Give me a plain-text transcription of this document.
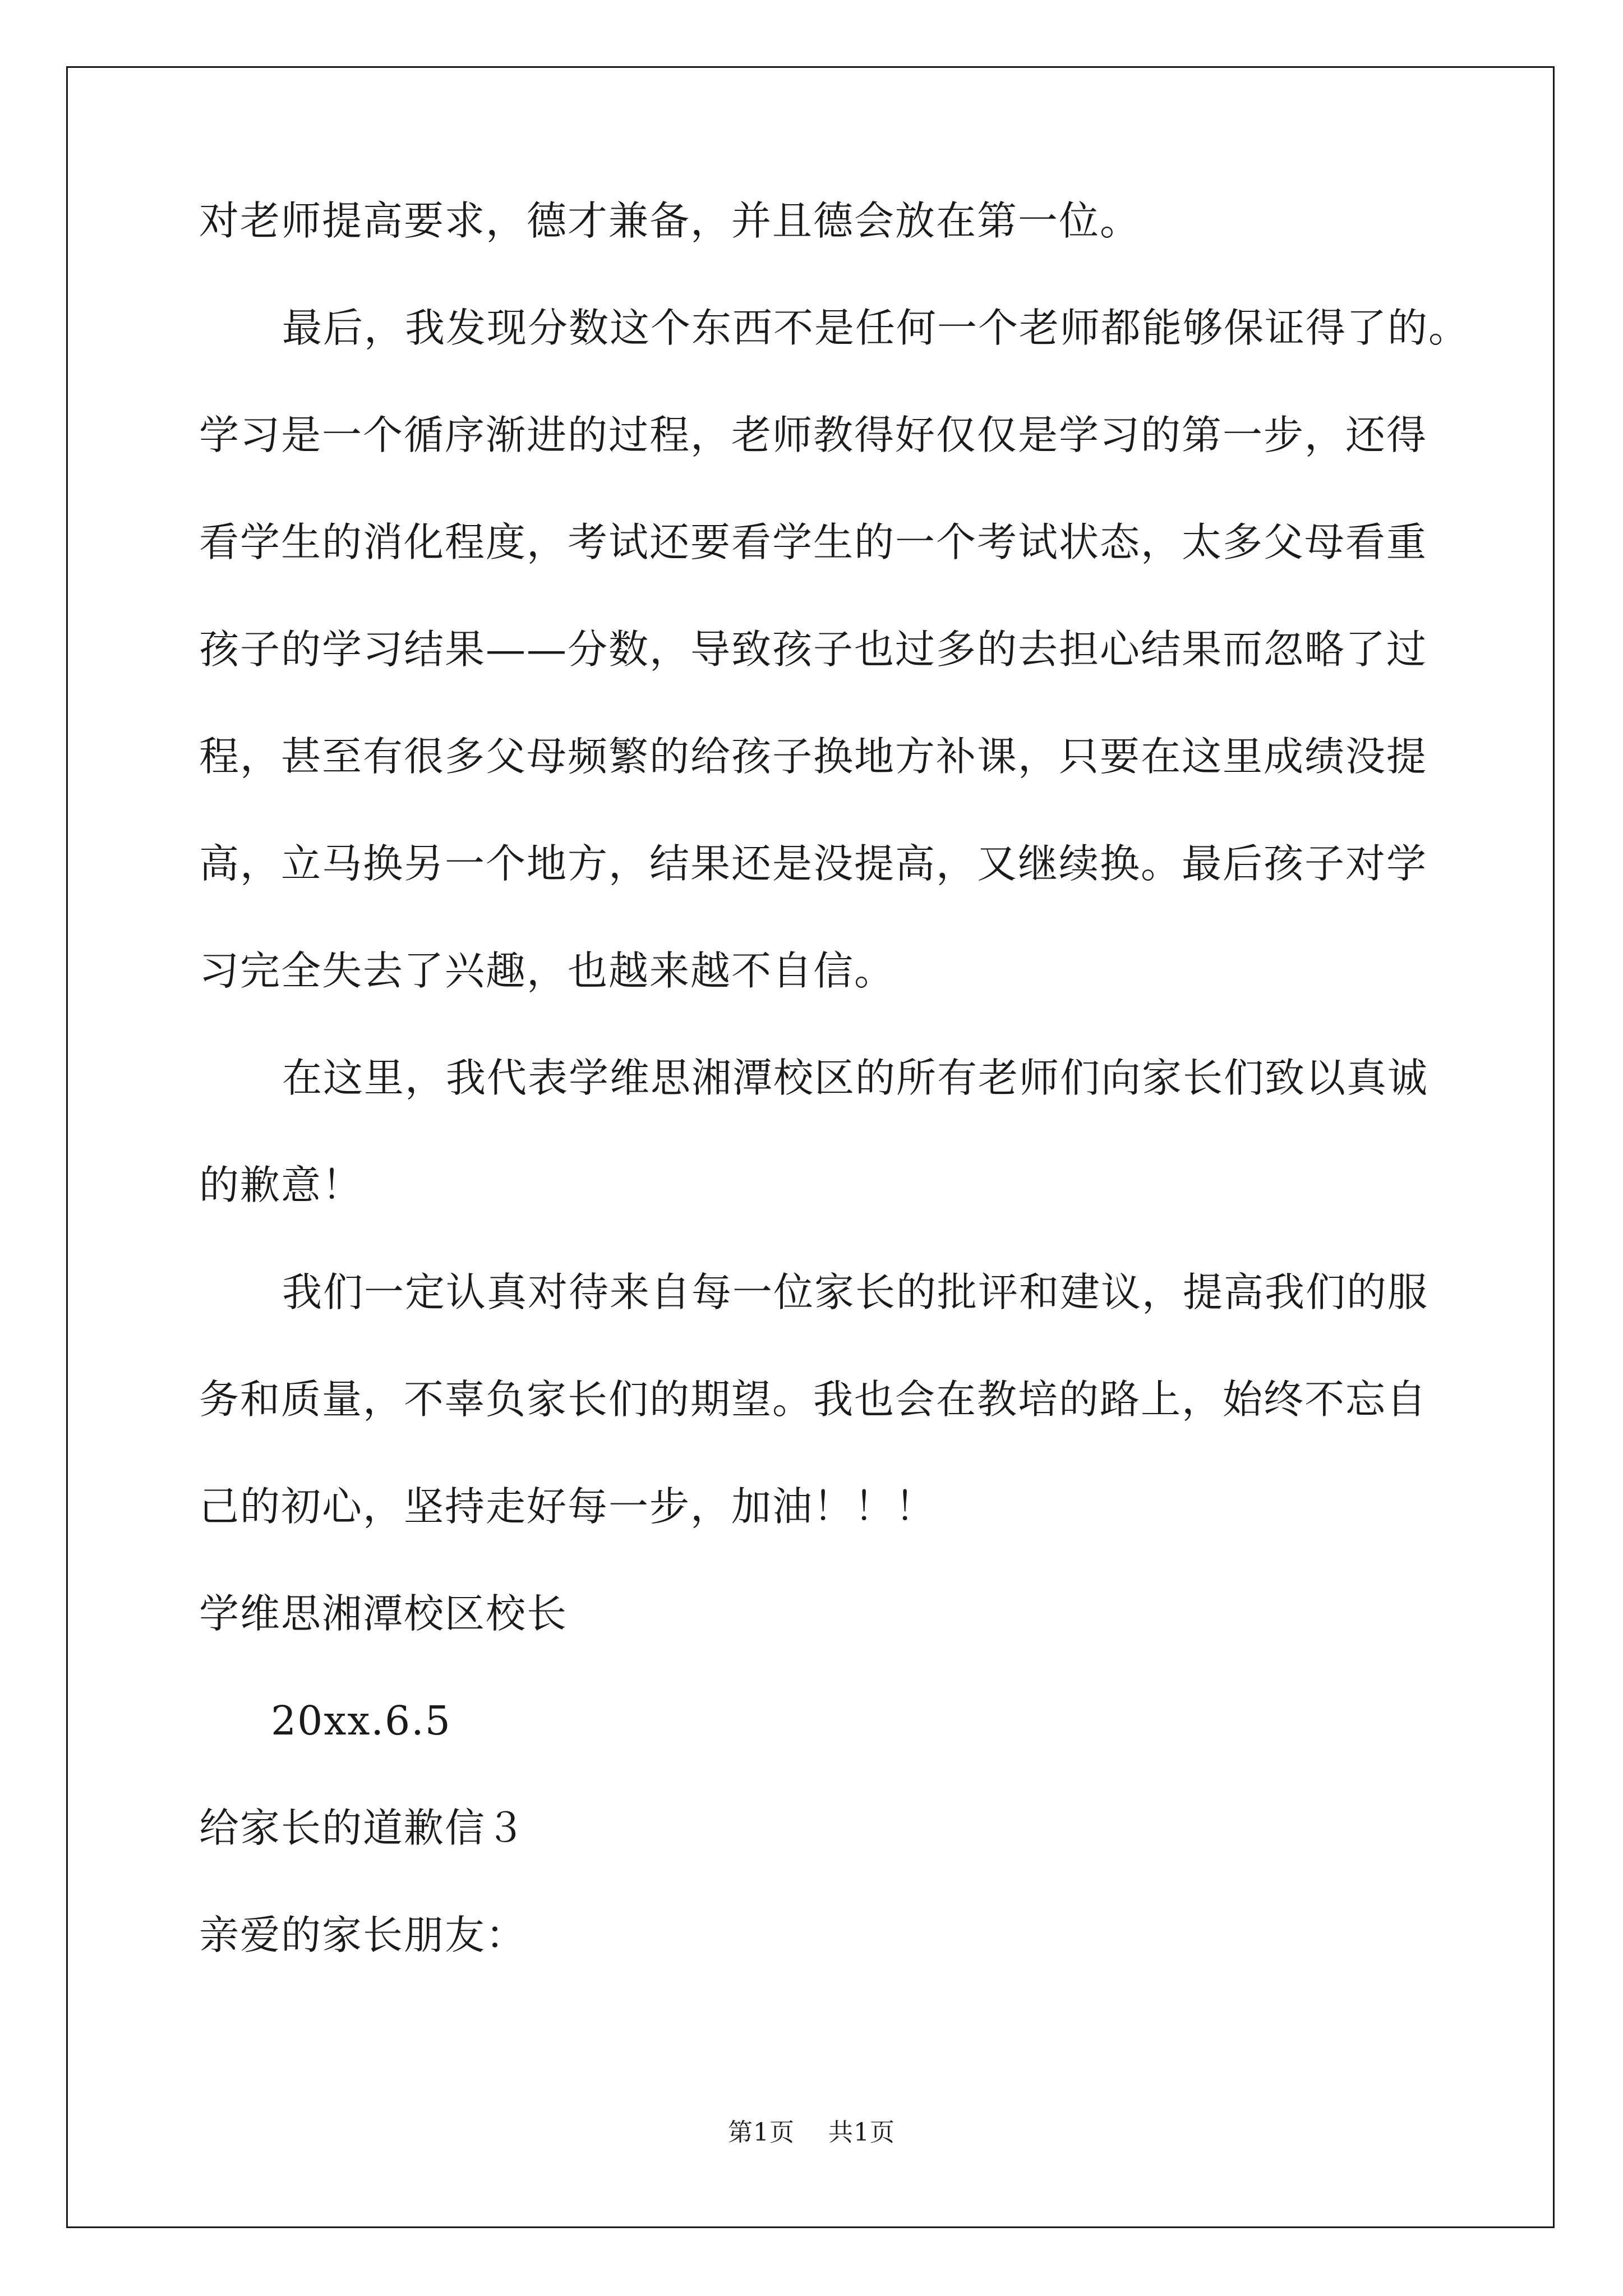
对老师提高要求，德才兼备，并且德会放在第一位。
最后，我发现分数这个东西不是任何一个老师都能够保证得了的。
学习是一个循序渐进的过程，老师教得好仅仅是学习的第一步，还得
看学生的消化程度，考试还要看学生的一个考试状态，太多父母看重
孩子的学习结果——分数，导致孩子也过多的去担心结果而忽略了过
程，甚至有很多父母频繁的给孩子换地方补课，只要在这里成绩没提
高，立马换另一个地方，结果还是没提高，又继续换。最后孩子对学
习完全失去了兴趣，也越来越不自信。
在这里，我代表学维思湘潭校区的所有老师们向家长们致以真诚
的歉意！
我们一定认真对待来自每一位家长的批评和建议，提高我们的服
务和质量，不辜负家长们的期望。我也会在教培的路上，始终不忘自
己的初心，坚持走好每一步，加油！！！
学维思湘潭校区校长
20xx.6.5
给家长的道歉信３
亲爱的家长朋友：
第1页 共1页
